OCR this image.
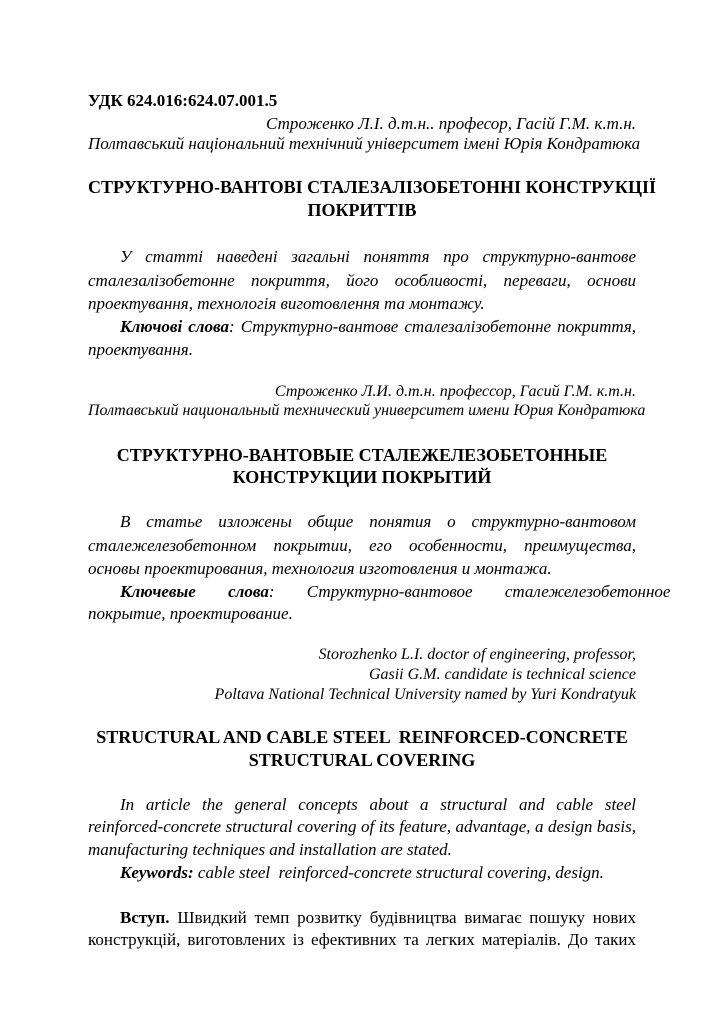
УДК 624.016:624.07.001.5
Строженко Л.І. д.т.н.. професор, Гасій Г.М. к.т.н.
Полтавський національний технічний університет імені Юрія Кондратюка
СТРУКТУРНО-ВАНТОВІ СТАЛЕЗАЛІЗОБЕТОННІ КОНСТРУКЦІЇ
ПОКРИТТІВ
У статті наведені загальні поняття про структурно-вантове
сталезалізобетонне покриття, його особливості, переваги, основи
проектування, технологія виготовлення та монтажу.
Ключові слова: Структурно-вантове сталезалізобетонне покриття,
проектування.
Строженко Л.И. д.т.н. профессор, Гасий Г.М. к.т.н.
Полтавський национальный технический университет имени Юрия Кондратюка
СТРУКТУРНО-ВАНТОВЫЕ СТАЛЕЖЕЛЕЗОБЕТОННЫЕ
КОНСТРУКЦИИ ПОКРЫТИЙ
В статье изложены общие понятия о структурно-вантовом
сталежелезобетонном покрытии, его особенности, преимущества,
основы проектирования, технология изготовления и монтажа.
Ключевые слова: Структурно-вантовое сталежелезобетонное
покрытие, проектирование.
Storozhenko L.I. doctor of engineering, professor,
Gasii G.M. candidate is technical science
Poltava National Technical University named by Yuri Kondratyuk
STRUCTURAL AND CABLE STEEL  REINFORCED-CONCRETE
STRUCTURAL COVERING
In article the general concepts about a structural and cable steel
reinforced-concrete structural covering of its feature, advantage, a design basis,
manufacturing techniques and installation are stated.
Keywords: cable steel  reinforced-concrete structural covering, design.
Вступ. Швидкий темп розвитку будівництва вимагає пошуку нових
конструкцій, виготовлених із ефективних та легких матеріалів. До таких
